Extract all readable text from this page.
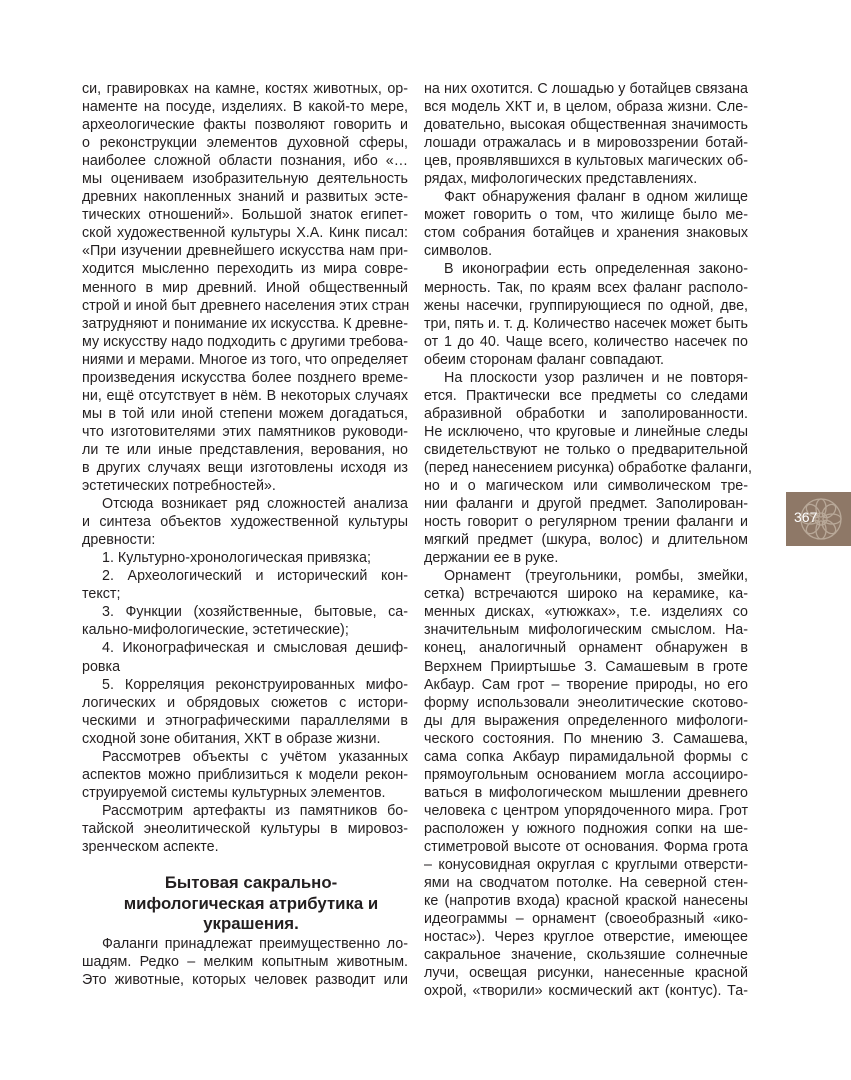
си, гравировках на камне, костях животных, ор-
наменте на посуде, изделиях. В какой-то мере,
археологические факты позволяют говорить и
о реконструкции элементов духовной сферы,
наиболее сложной области познания, ибо «…
мы оцениваем изобразительную деятельность
древних накопленных знаний и развитых эсте-
тических отношений». Большой знаток египет-
ской художественной культуры Х.А. Кинк писал:
«При изучении древнейшего искусства нам при-
ходится мысленно переходить из мира совре-
менного в мир древний. Иной общественный
строй и иной быт древнего населения этих стран
затрудняют и понимание их искусства. К древне-
му искусству надо подходить с другими требова-
ниями и мерами. Многое из того, что определяет
произведения искусства более позднего време-
ни, ещё отсутствует в нём. В некоторых случаях
мы в той или иной степени можем догадаться,
что изготовителями этих памятников руководи-
ли те или иные представления, верования, но
в других случаях вещи изготовлены исходя из
эстетических потребностей».
Отсюда возникает ряд сложностей анализа
и синтеза объектов художественной культуры
древности:
1. Культурно-хронологическая привязка;
2. Археологический и исторический кон-
текст;
3. Функции (хозяйственные, бытовые, са-
кально-мифологические, эстетические);
4. Иконографическая и смысловая дешиф-
ровка
5. Корреляция реконструированных мифо-
логических и обрядовых сюжетов с истори-
ческими и этнографическими параллелями в
сходной зоне обитания, ХКТ в образе жизни.
Рассмотрев объекты с учётом указанных
аспектов можно приблизиться к модели рекон-
струируемой системы культурных элементов.
Рассмотрим артефакты из памятников бо-
тайской энеолитической культуры в мировоз-
зренческом аспекте.
Бытовая сакрально-
мифологическая атрибутика и
украшения.
Фаланги принадлежат преимущественно ло-
шадям. Редко – мелким копытным животным.
Это животные, которых человек разводит или
на них охотится. С лошадью у ботайцев связана
вся модель ХКТ и, в целом, образа жизни. Сле-
довательно, высокая общественная значимость
лошади отражалась и в мировоззрении ботай-
цев, проявлявшихся в культовых магических об-
рядах, мифологических представлениях.
Факт обнаружения фаланг в одном жилище
может говорить о том, что жилище было ме-
стом собрания ботайцев и хранения знаковых
символов.
В иконографии есть определенная законо-
мерность. Так, по краям всех фаланг располо-
жены насечки, группирующиеся по одной, две,
три, пять и. т. д. Количество насечек может быть
от 1 до 40. Чаще всего, количество насечек по
обеим сторонам фаланг совпадают.
На плоскости узор различен и не повторя-
ется. Практически все предметы со следами
абразивной обработки и заполированности.
Не исключено, что круговые и линейные следы
свидетельствуют не только о предварительной
(перед нанесением рисунка) обработке фаланги,
но и о магическом или символическом тре-
нии фаланги и другой предмет. Заполирован-
ность говорит о регулярном трении фаланги и
мягкий предмет (шкура, волос) и длительном
держании ее в руке.
Орнамент (треугольники, ромбы, змейки,
сетка) встречаются широко на керамике, ка-
менных дисках, «утюжках», т.е. изделиях со
значительным мифологическим смыслом. На-
конец, аналогичный орнамент обнаружен в
Верхнем Прииртышье З. Самашевым в гроте
Акбаур. Сам грот – творение природы, но его
форму использовали энеолитические скотово-
ды для выражения определенного мифологи-
ческого состояния. По мнению З. Самашева,
сама сопка Акбаур пирамидальной формы с
прямоугольным основанием могла ассоцииро-
ваться в мифологическом мышлении древнего
человека с центром упорядоченного мира. Грот
расположен у южного подножия сопки на ше-
стиметровой высоте от основания. Форма грота
– конусовидная округлая с круглыми отверсти-
ями на сводчатом потолке. На северной стен-
ке (напротив входа) красной краской нанесены
идеограммы – орнамент (своеобразный «ико-
ностас»). Через круглое отверстие, имеющее
сакральное значение, скользяшие солнечные
лучи, освещая рисунки, нанесенные красной
охрой, «творили» космический акт (контус). Та-
367
